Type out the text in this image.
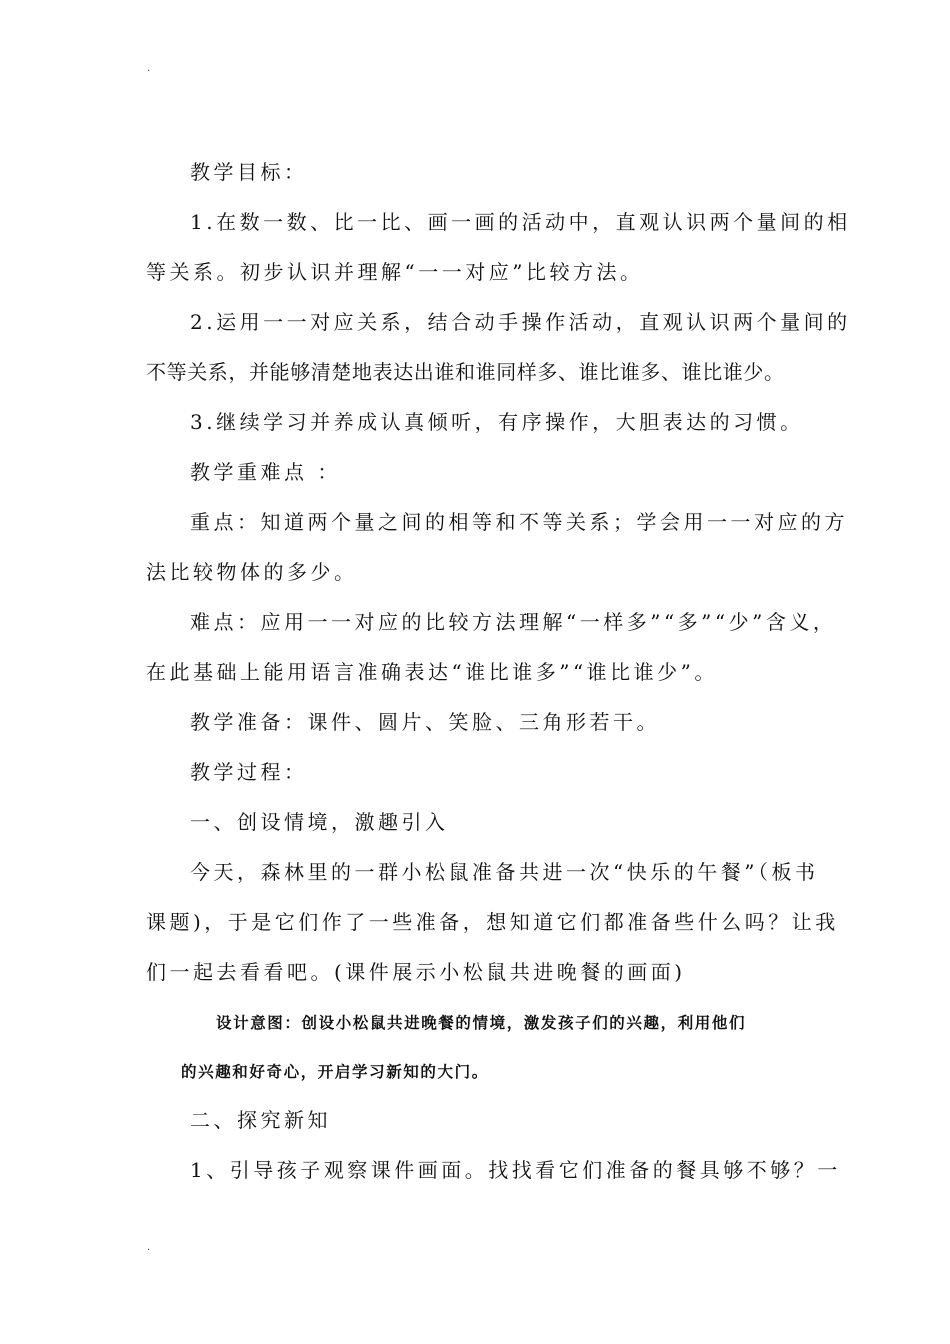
.
教学目标：
1.在数一数、比一比、画一画的活动中，直观认识两个量间的相
等关系。初步认识并理解“一一对应”比较方法。
2.运用一一对应关系，结合动手操作活动，直观认识两个量间的
不等关系，并能够清楚地表达出谁和谁同样多、谁比谁多、谁比谁少。
3.继续学习并养成认真倾听，有序操作，大胆表达的习惯。
教学重难点 ：
重点：知道两个量之间的相等和不等关系；学会用一一对应的方
法比较物体的多少。
难点：应用一一对应的比较方法理解“一样多”“多”“少”含义，
在此基础上能用语言准确表达“谁比谁多”“谁比谁少”。
教学准备：课件、圆片、笑脸、三角形若干。
教学过程：
一、创设情境，激趣引入
今天，森林里的一群小松鼠准备共进一次“快乐的午餐”（板书
课题)，于是它们作了一些准备，想知道它们都准备些什么吗？让我
们一起去看看吧。(课件展示小松鼠共进晚餐的画面)
设计意图：创设小松鼠共进晚餐的情境，激发孩子们的兴趣，利用他们
的兴趣和好奇心，开启学习新知的大门。
二、探究新知
1、引导孩子观察课件画面。找找看它们准备的餐具够不够？一
.
